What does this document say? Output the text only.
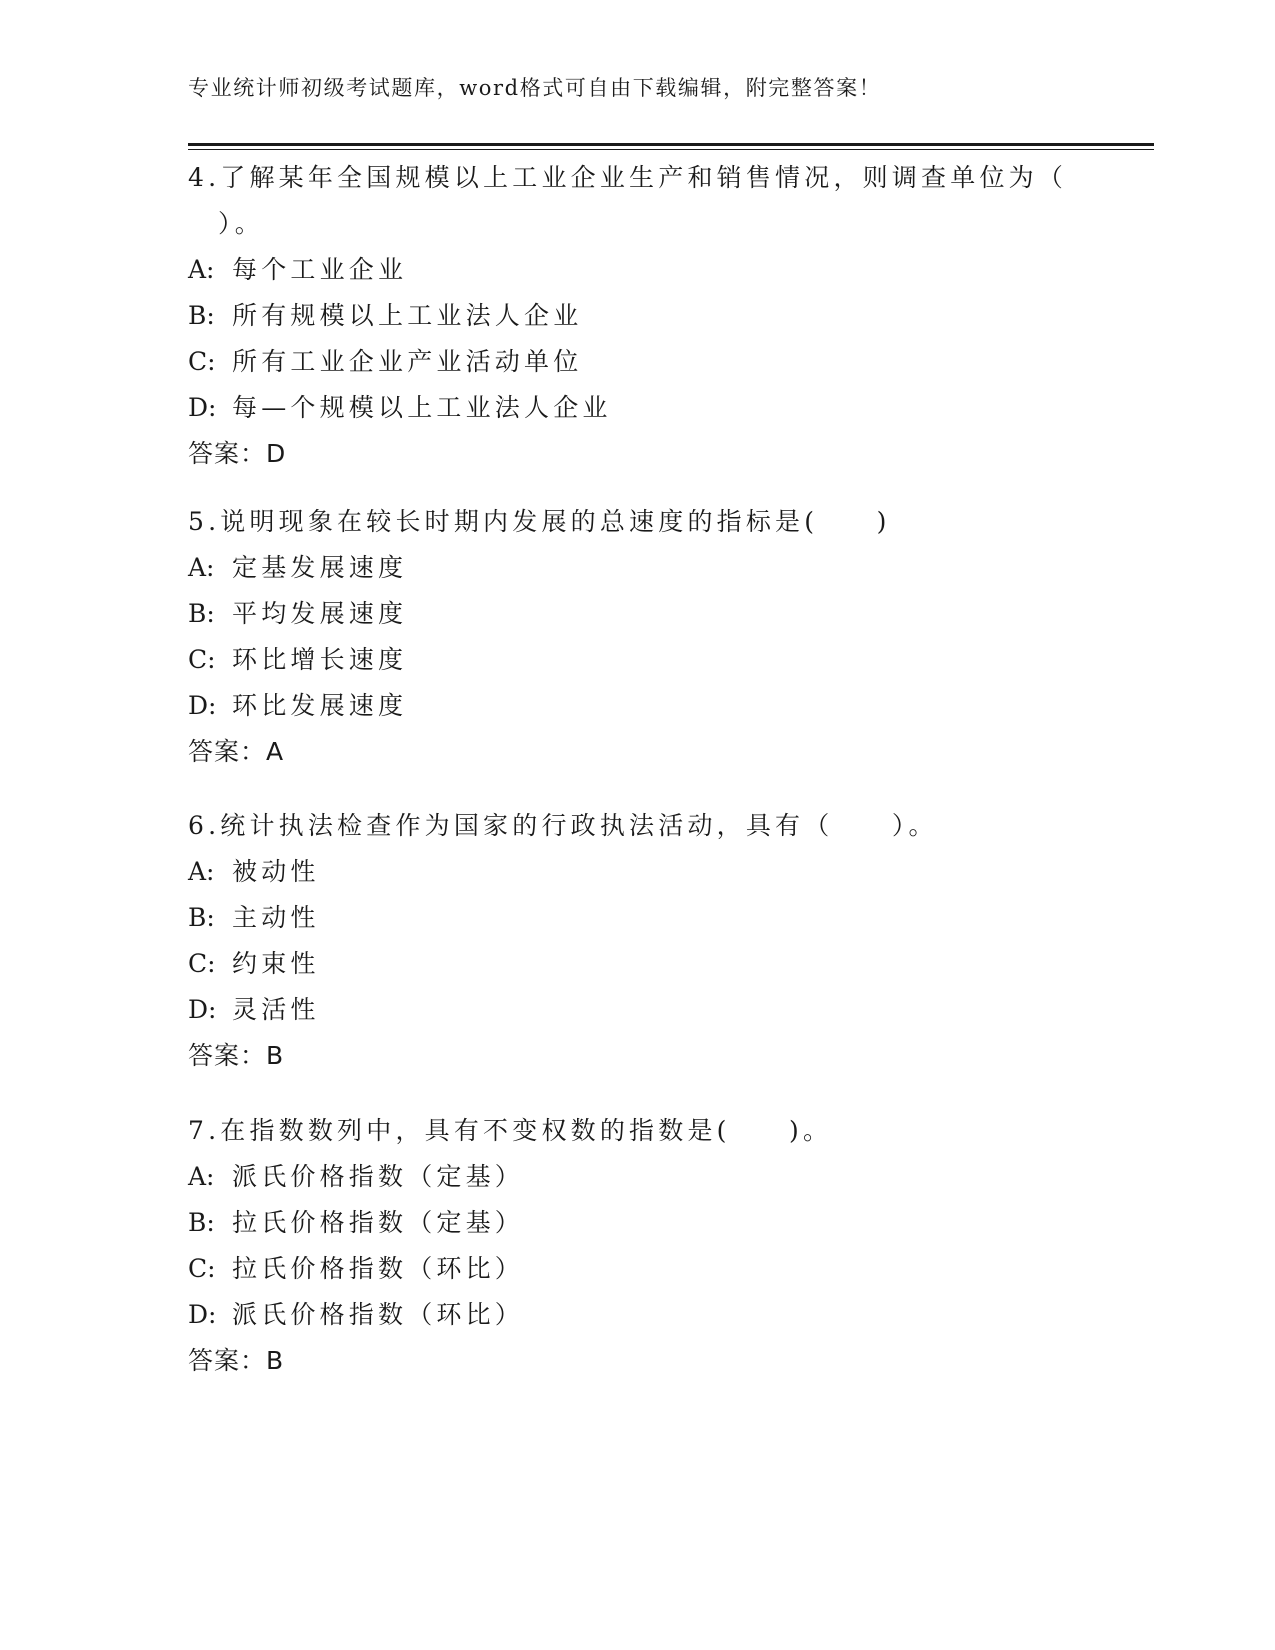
专业统计师初级考试题库，word格式可自由下载编辑，附完整答案！
4.了解某年全国规模以上工业企业生产和销售情况，则调查单位为（
）。
A: 每个工业企业
B: 所有规模以上工业法人企业
C: 所有工业企业产业活动单位
D: 每—个规模以上工业法人企业
答案：D
5.说明现象在较长时期内发展的总速度的指标是(　　)
A: 定基发展速度
B: 平均发展速度
C: 环比增长速度
D: 环比发展速度
答案：A
6.统计执法检查作为国家的行政执法活动，具有（　　）。
A: 被动性
B: 主动性
C: 约束性
D: 灵活性
答案：B
7.在指数数列中，具有不变权数的指数是(　　)。
A: 派氏价格指数（定基）
B: 拉氏价格指数（定基）
C: 拉氏价格指数（环比）
D: 派氏价格指数（环比）
答案：B
